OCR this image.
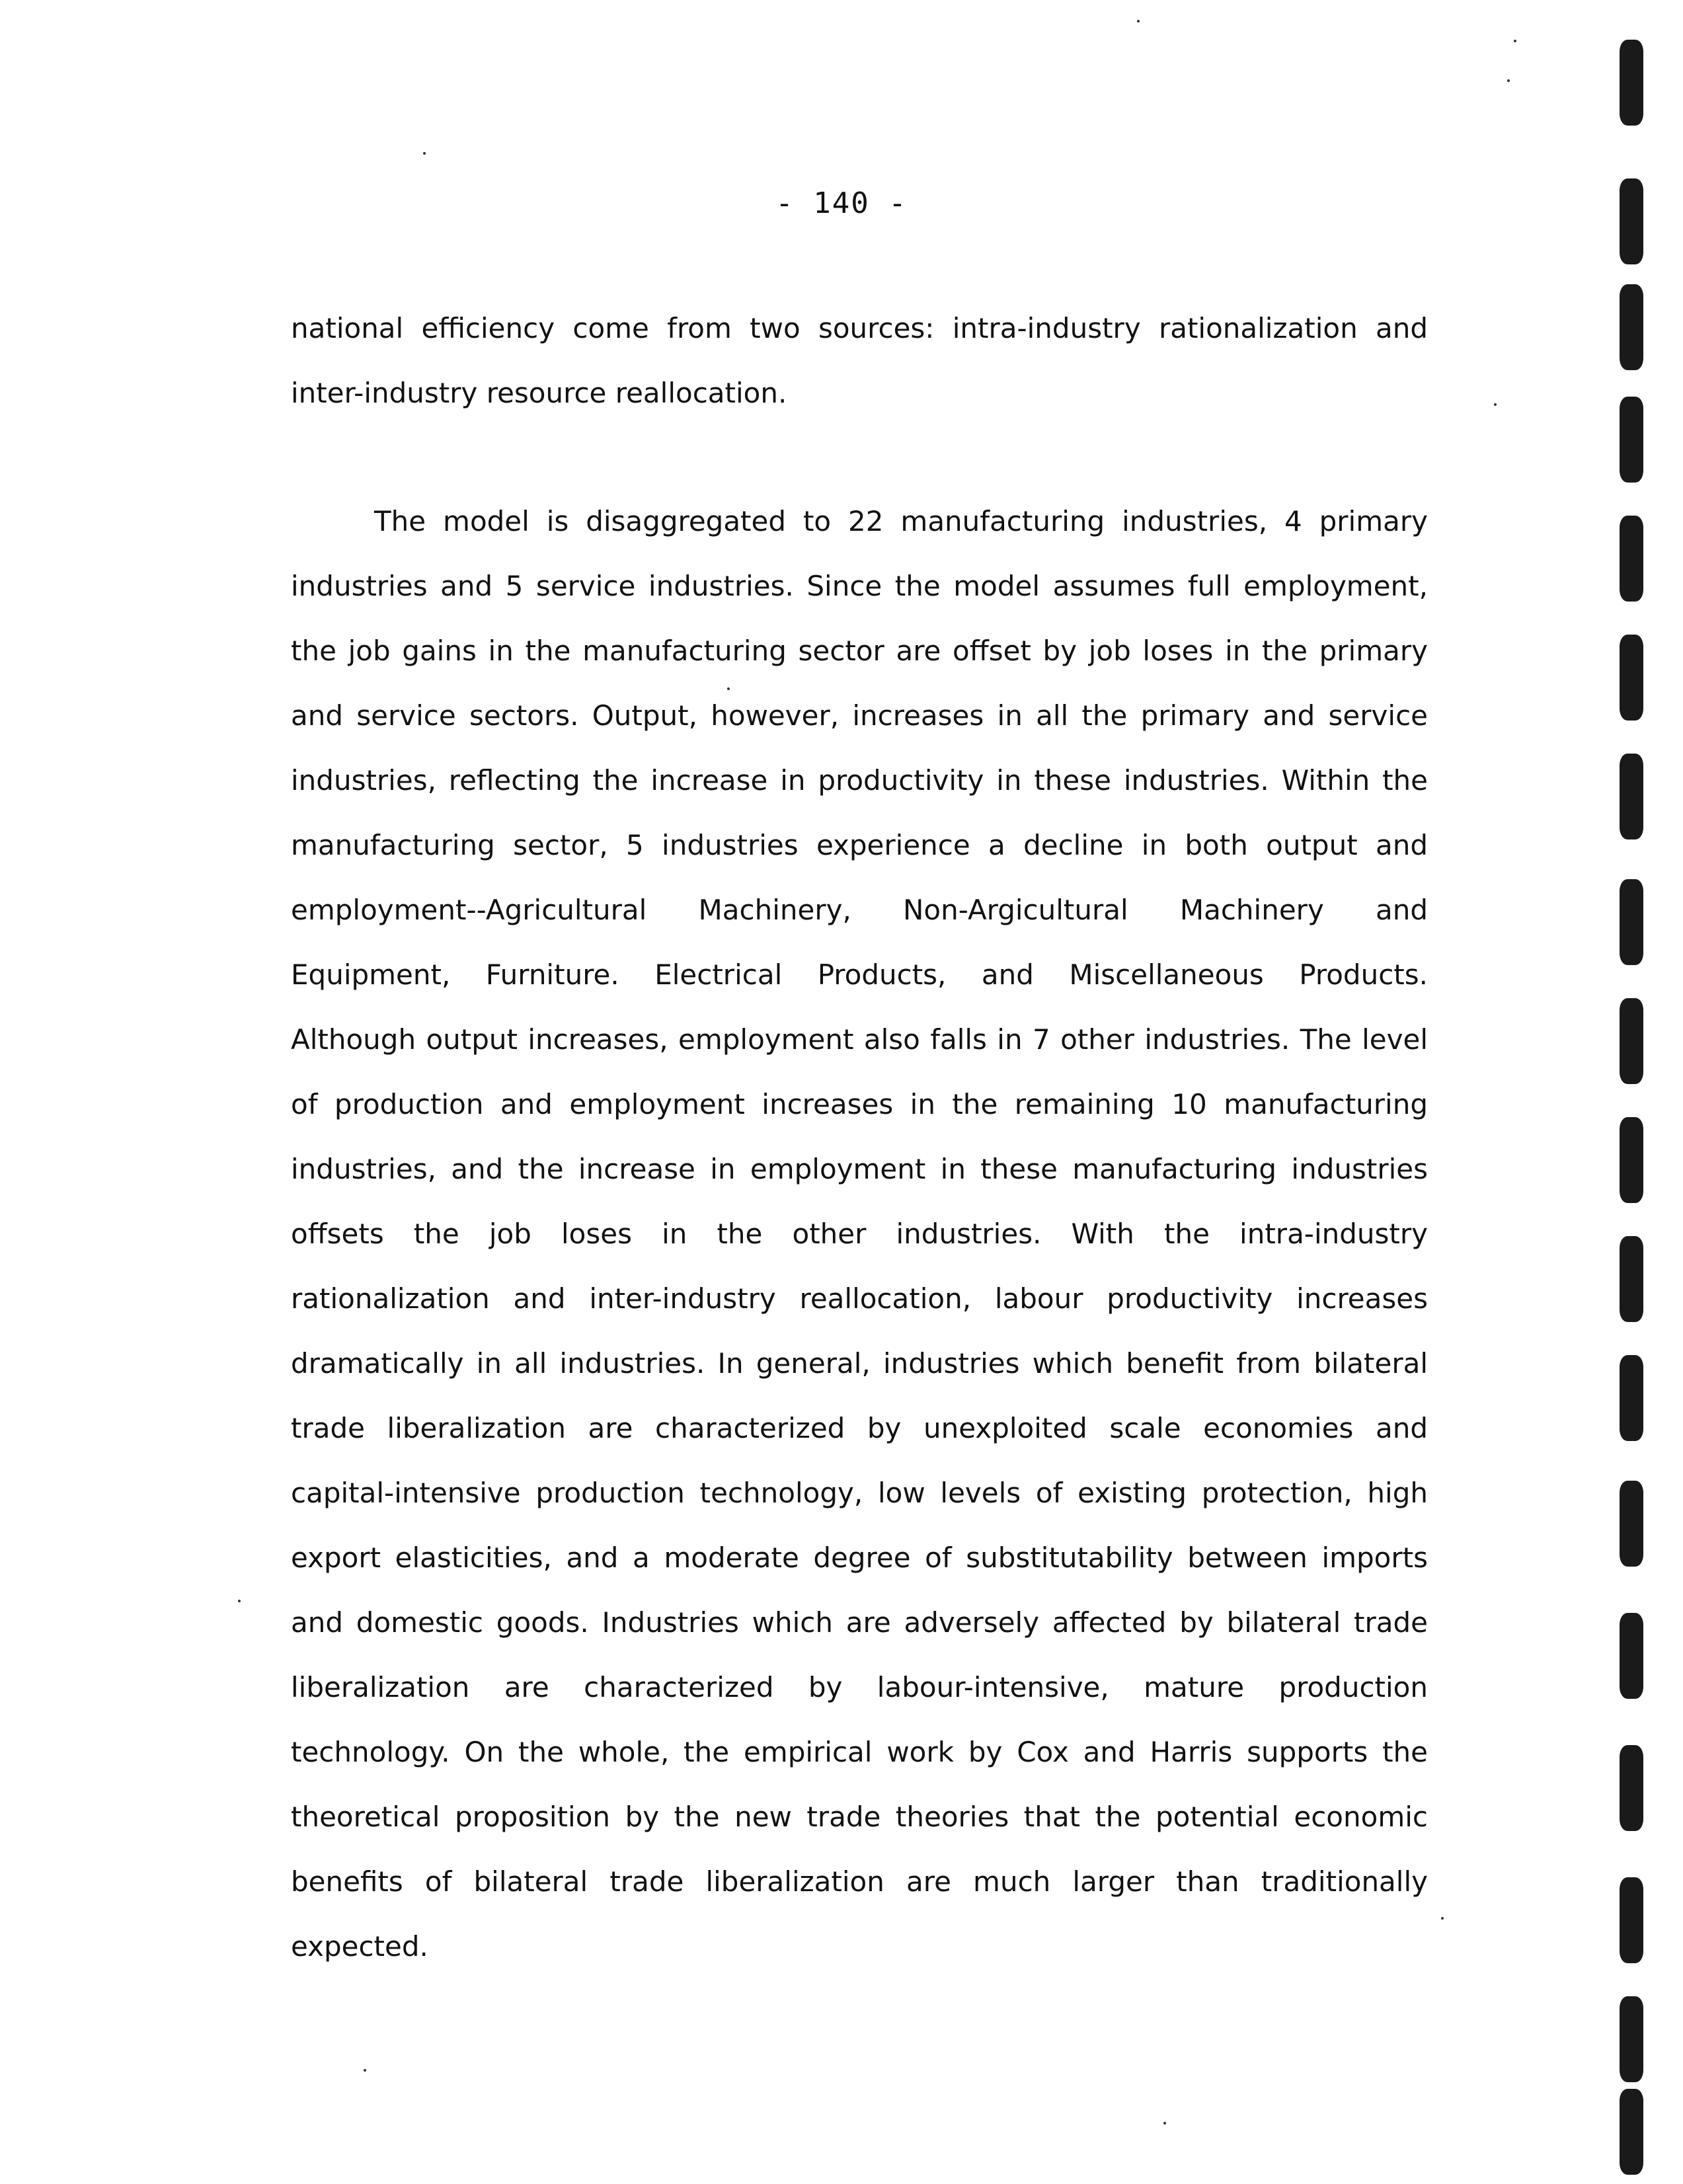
- 140 -
national efficiency come from two sources: intra-industry rationalization and
inter-industry resource reallocation.
The model is disaggregated to 22 manufacturing industries, 4 primary
industries and 5 service industries. Since the model assumes full employment,
the job gains in the manufacturing sector are offset by job loses in the primary
and service sectors. Output, however, increases in all the primary and service
industries, reflecting the increase in productivity in these industries. Within the
manufacturing sector, 5 industries experience a decline in both output and
employment--Agricultural Machinery, Non-Argicultural Machinery and
Equipment, Furniture. Electrical Products, and Miscellaneous Products.
Although output increases, employment also falls in 7 other industries. The level
of production and employment increases in the remaining 10 manufacturing
industries, and the increase in employment in these manufacturing industries
offsets the job loses in the other industries. With the intra-industry
rationalization and inter-industry reallocation, labour productivity increases
dramatically in all industries. In general, industries which benefit from bilateral
trade liberalization are characterized by unexploited scale economies and
capital-intensive production technology, low levels of existing protection, high
export elasticities, and a moderate degree of substitutability between imports
and domestic goods. Industries which are adversely affected by bilateral trade
liberalization are characterized by labour-intensive, mature production
technology. On the whole, the empirical work by Cox and Harris supports the
theoretical proposition by the new trade theories that the potential economic
benefits of bilateral trade liberalization are much larger than traditionally
expected.
